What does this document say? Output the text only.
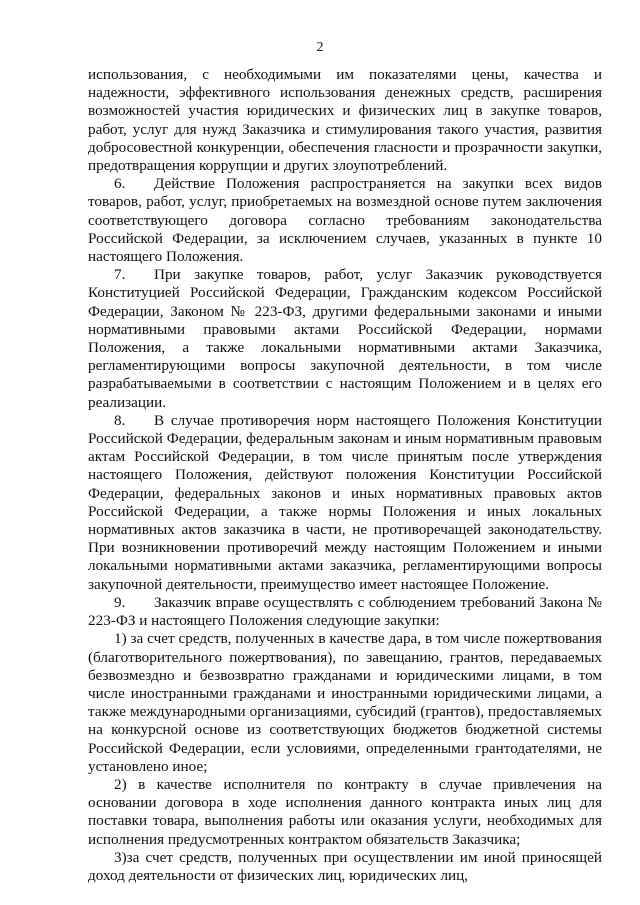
2

использования, с необходимыми им показателями цены, качества и надежности, эффективного использования денежных средств, расширения возможностей участия юридических и физических лиц в закупке товаров, работ, услуг для нужд Заказчика и стимулирования такого участия, развития добросовестной конкуренции, обеспечения гласности и прозрачности закупки, предотвращения коррупции и других злоупотреблений.

6. Действие Положения распространяется на закупки всех видов товаров, работ, услуг, приобретаемых на возмездной основе путем заключения соответствующего договора согласно требованиям законодательства Российской Федерации, за исключением случаев, указанных в пункте 10 настоящего Положения.

7. При закупке товаров, работ, услуг Заказчик руководствуется Конституцией Российской Федерации, Гражданским кодексом Российской Федерации, Законом № 223-ФЗ, другими федеральными законами и иными нормативными правовыми актами Российской Федерации, нормами Положения, а также локальными нормативными актами Заказчика, регламентирующими вопросы закупочной деятельности, в том числе разрабатываемыми в соответствии с настоящим Положением и в целях его реализации.

8. В случае противоречия норм настоящего Положения Конституции Российской Федерации, федеральным законам и иным нормативным правовым актам Российской Федерации, в том числе принятым после утверждения настоящего Положения, действуют положения Конституции Российской Федерации, федеральных законов и иных нормативных правовых актов Российской Федерации, а также нормы Положения и иных локальных нормативных актов заказчика в части, не противоречащей законодательству. При возникновении противоречий между настоящим Положением и иными локальными нормативными актами заказчика, регламентирующими вопросы закупочной деятельности, преимущество имеет настоящее Положение.

9. Заказчик вправе осуществлять с соблюдением требований Закона № 223-ФЗ и настоящего Положения следующие закупки:

1) за счет средств, полученных в качестве дара, в том числе пожертвования (благотворительного пожертвования), по завещанию, грантов, передаваемых безвозмездно и безвозвратно гражданами и юридическими лицами, в том числе иностранными гражданами и иностранными юридическими лицами, а также международными организациями, субсидий (грантов), предоставляемых на конкурсной основе из соответствующих бюджетов бюджетной системы Российской Федерации, если условиями, определенными грантодателями, не установлено иное;

2) в качестве исполнителя по контракту в случае привлечения на основании договора в ходе исполнения данного контракта иных лиц для поставки товара, выполнения работы или оказания услуги, необходимых для исполнения предусмотренных контрактом обязательств Заказчика;

3)за счет средств, полученных при осуществлении им иной приносящей доход деятельности от физических лиц, юридических лиц,
